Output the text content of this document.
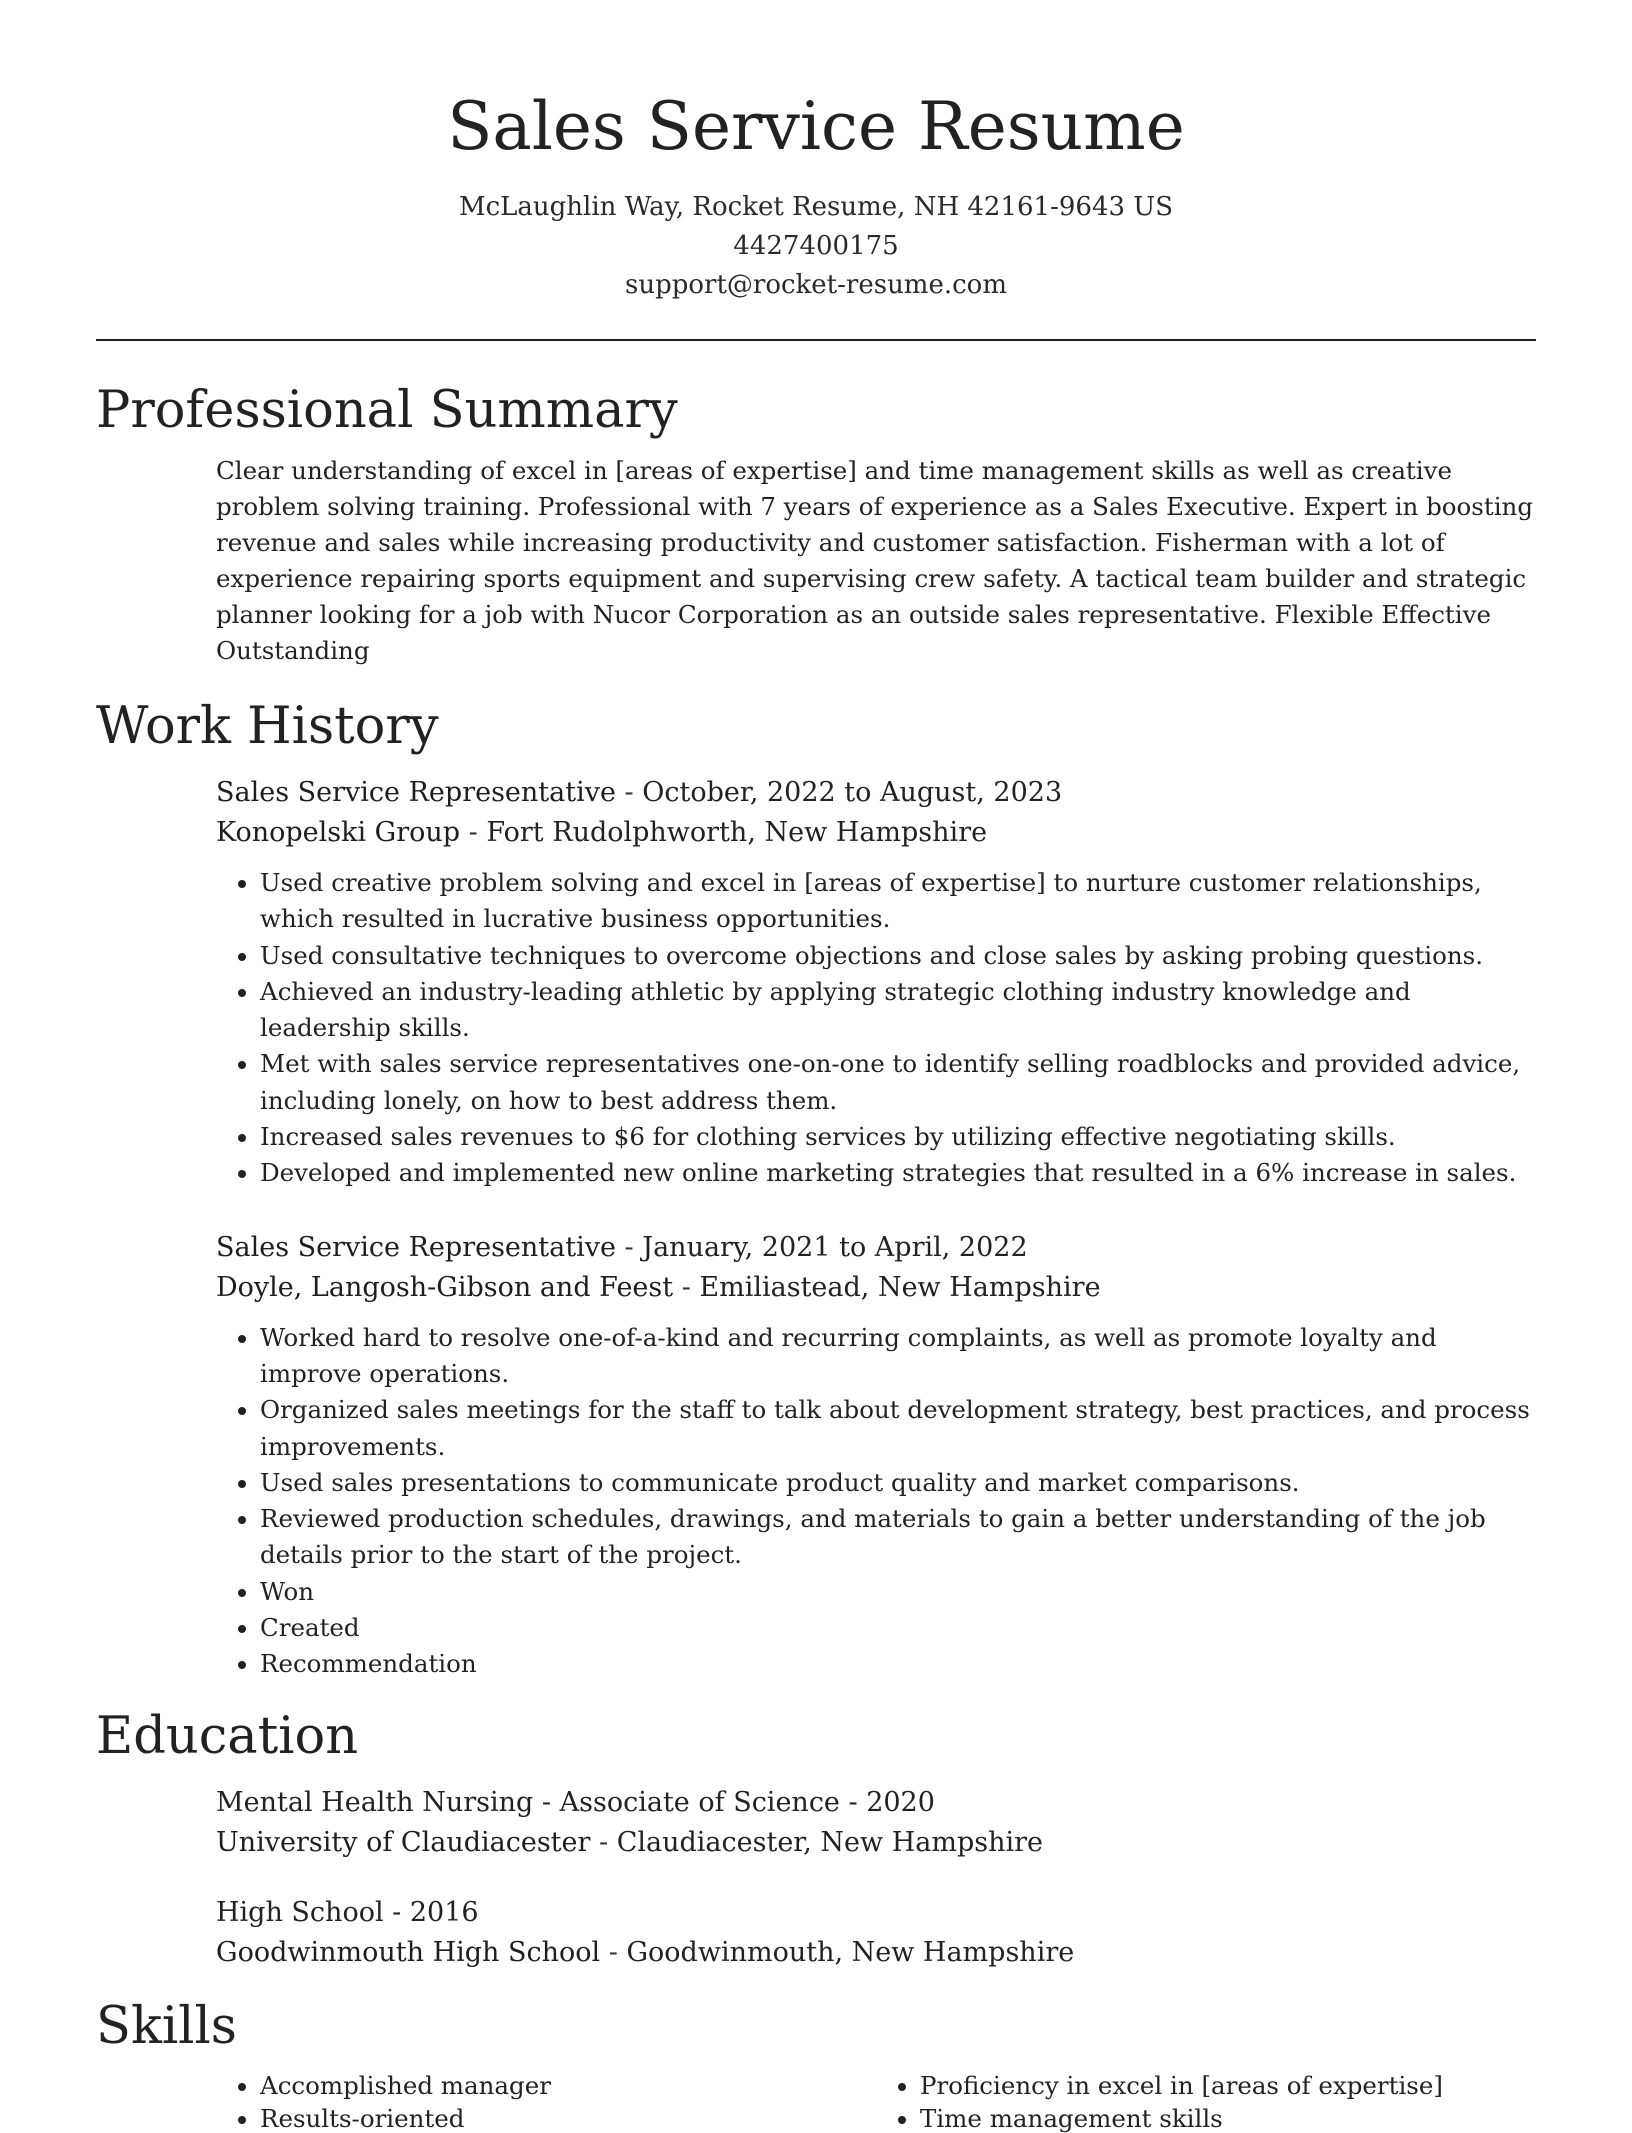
Sales Service Resume
McLaughlin Way, Rocket Resume, NH 42161-9643 US
4427400175
support@rocket-resume.com
Professional Summary
Clear understanding of excel in [areas of expertise] and time management skills as well as creative problem solving training. Professional with 7 years of experience as a Sales Executive. Expert in boosting revenue and sales while increasing productivity and customer satisfaction. Fisherman with a lot of experience repairing sports equipment and supervising crew safety. A tactical team builder and strategic planner looking for a job with Nucor Corporation as an outside sales representative. Flexible Effective Outstanding
Work History
Sales Service Representative - October, 2022 to August, 2023
Konopelski Group - Fort Rudolphworth, New Hampshire
• Used creative problem solving and excel in [areas of expertise] to nurture customer relationships, which resulted in lucrative business opportunities.
• Used consultative techniques to overcome objections and close sales by asking probing questions.
• Achieved an industry-leading athletic by applying strategic clothing industry knowledge and leadership skills.
• Met with sales service representatives one-on-one to identify selling roadblocks and provided advice, including lonely, on how to best address them.
• Increased sales revenues to $6 for clothing services by utilizing effective negotiating skills.
• Developed and implemented new online marketing strategies that resulted in a 6% increase in sales.
Sales Service Representative - January, 2021 to April, 2022
Doyle, Langosh-Gibson and Feest - Emiliastead, New Hampshire
• Worked hard to resolve one-of-a-kind and recurring complaints, as well as promote loyalty and improve operations.
• Organized sales meetings for the staff to talk about development strategy, best practices, and process improvements.
• Used sales presentations to communicate product quality and market comparisons.
• Reviewed production schedules, drawings, and materials to gain a better understanding of the job details prior to the start of the project.
• Won
• Created
• Recommendation
Education
Mental Health Nursing - Associate of Science - 2020
University of Claudiacester - Claudiacester, New Hampshire
High School - 2016
Goodwinmouth High School - Goodwinmouth, New Hampshire
Skills
• Accomplished manager
• Results-oriented
• Proficiency in excel in [areas of expertise]
• Time management skills
